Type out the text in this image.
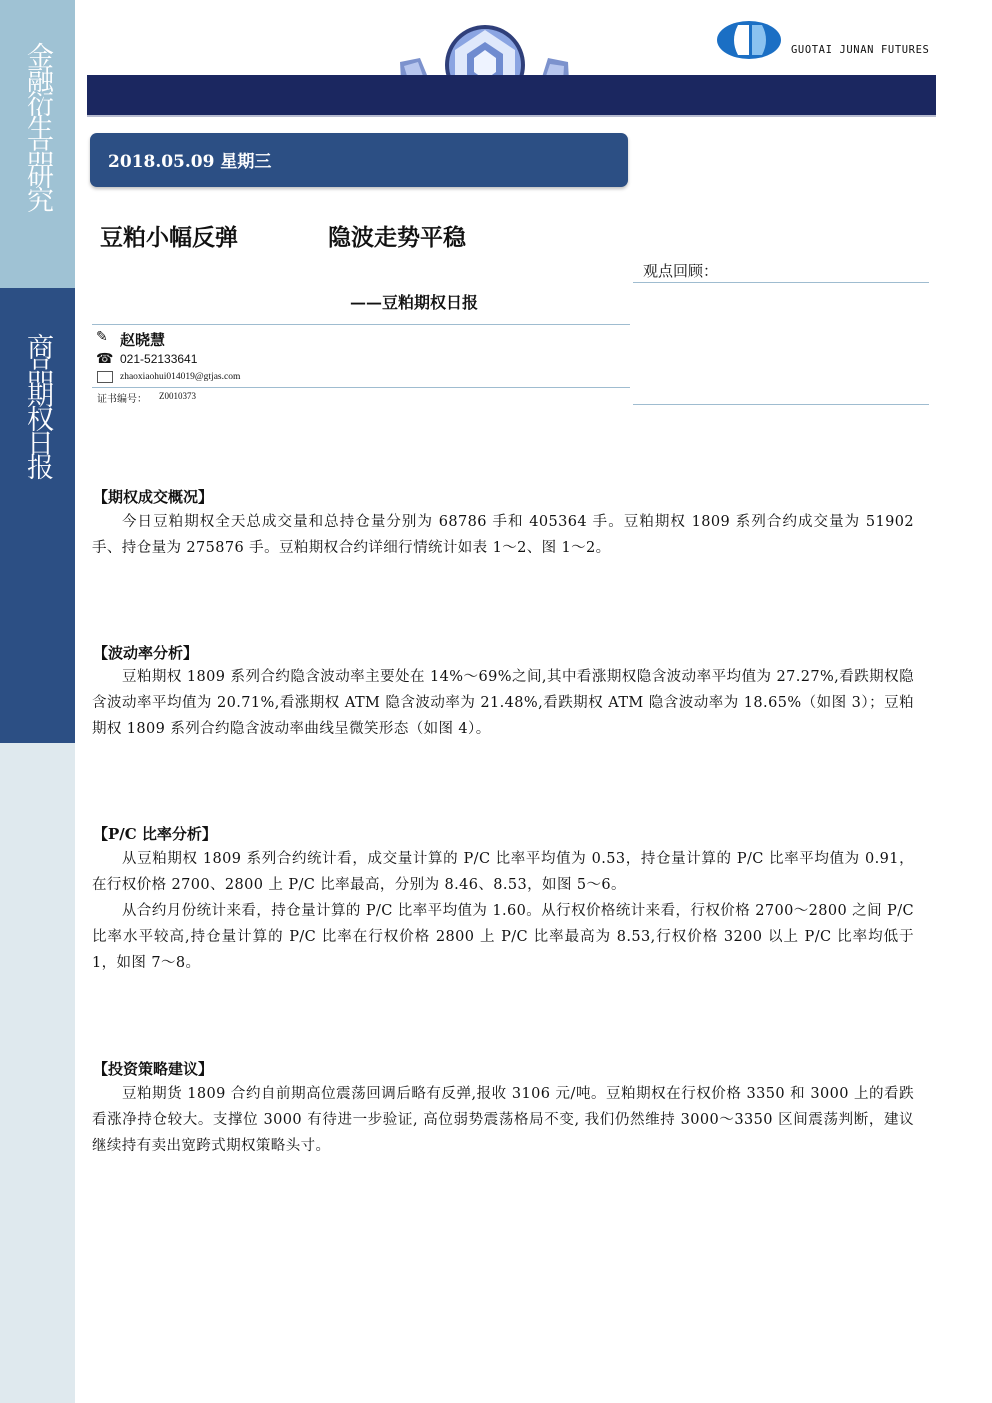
金融衍生品研究
商品期权日报
GUOTAI JUNAN FUTURES
2018.05.09 星期三
豆粕小幅反弹	隐波走势平稳
——豆粕期权日报
观点回顾：
✎ 赵晓慧
☎ 021-52133641
zhaoxiaohui014019@gtjas.com
证书编号： Z0010373
【期权成交概况】
今日豆粕期权全天总成交量和总持仓量分别为 68786 手和 405364 手。豆粕期权 1809 系列合约成交量为 51902 手、持仓量为 275876 手。豆粕期权合约详细行情统计如表 1～2、图 1～2。
【波动率分析】
豆粕期权 1809 系列合约隐含波动率主要处在 14%～69%之间,其中看涨期权隐含波动率平均值为 27.27%,看跌期权隐含波动率平均值为 20.71%,看涨期权 ATM 隐含波动率为 21.48%,看跌期权 ATM 隐含波动率为 18.65%（如图 3）；豆粕期权 1809 系列合约隐含波动率曲线呈微笑形态（如图 4）。
【P/C 比率分析】
从豆粕期权 1809 系列合约统计看，成交量计算的 P/C 比率平均值为 0.53，持仓量计算的 P/C 比率平均值为 0.91，在行权价格 2700、2800 上 P/C 比率最高，分别为 8.46、8.53，如图 5～6。
从合约月份统计来看，持仓量计算的 P/C 比率平均值为 1.60。从行权价格统计来看，行权价格 2700～2800 之间 P/C 比率水平较高,持仓量计算的 P/C 比率在行权价格 2800 上 P/C 比率最高为 8.53,行权价格 3200 以上 P/C 比率均低于 1，如图 7～8。
【投资策略建议】
豆粕期货 1809 合约自前期高位震荡回调后略有反弹,报收 3106 元/吨。豆粕期权在行权价格 3350 和 3000 上的看跌看涨净持仓较大。支撑位 3000 有待进一步验证, 高位弱势震荡格局不变, 我们仍然维持 3000～3350 区间震荡判断，建议继续持有卖出宽跨式期权策略头寸。
